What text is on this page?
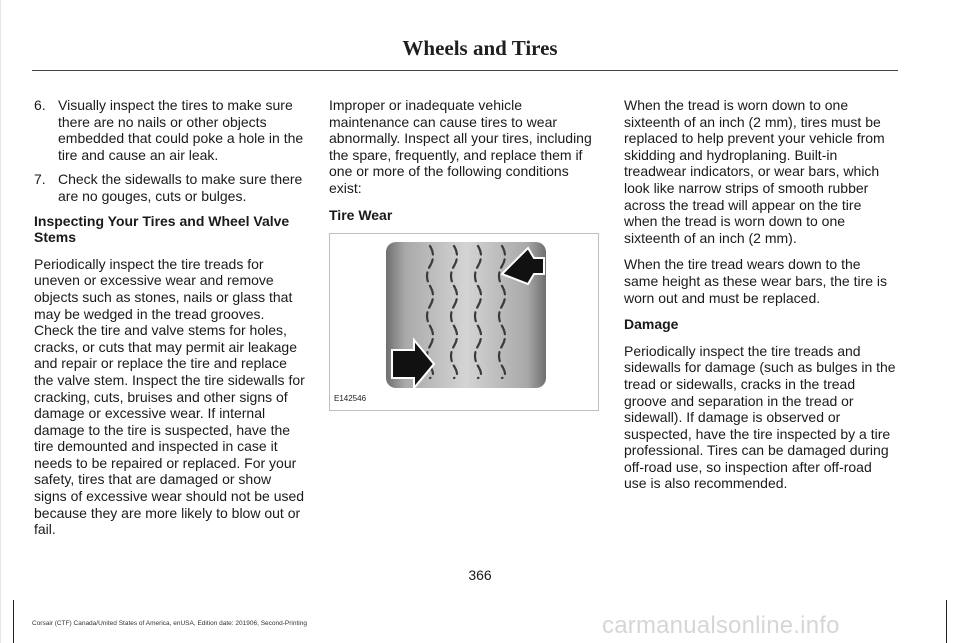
Wheels and Tires
6. Visually inspect the tires to make sure there are no nails or other objects embedded that could poke a hole in the tire and cause an air leak.
7. Check the sidewalls to make sure there are no gouges, cuts or bulges.

Inspecting Your Tires and Wheel Valve Stems

Periodically inspect the tire treads for uneven or excessive wear and remove objects such as stones, nails or glass that may be wedged in the tread grooves. Check the tire and valve stems for holes, cracks, or cuts that may permit air leakage and repair or replace the tire and replace the valve stem. Inspect the tire sidewalls for cracking, cuts, bruises and other signs of damage or excessive wear. If internal damage to the tire is suspected, have the tire demounted and inspected in case it needs to be repaired or replaced. For your safety, tires that are damaged or show signs of excessive wear should not be used because they are more likely to blow out or fail.

Improper or inadequate vehicle maintenance can cause tires to wear abnormally. Inspect all your tires, including the spare, frequently, and replace them if one or more of the following conditions exist:

Tire Wear

E142546

When the tread is worn down to one sixteenth of an inch (2 mm), tires must be replaced to help prevent your vehicle from skidding and hydroplaning. Built-in treadwear indicators, or wear bars, which look like narrow strips of smooth rubber across the tread will appear on the tire when the tread is worn down to one sixteenth of an inch (2 mm).

When the tire tread wears down to the same height as these wear bars, the tire is worn out and must be replaced.

Damage

Periodically inspect the tire treads and sidewalls for damage (such as bulges in the tread or sidewalls, cracks in the tread groove and separation in the tread or sidewall). If damage is observed or suspected, have the tire inspected by a tire professional. Tires can be damaged during off-road use, so inspection after off-road use is also recommended.

366
Corsair (CTF) Canada/United States of America, enUSA, Edition date: 201906, Second-Printing	carmanualsonline.info
